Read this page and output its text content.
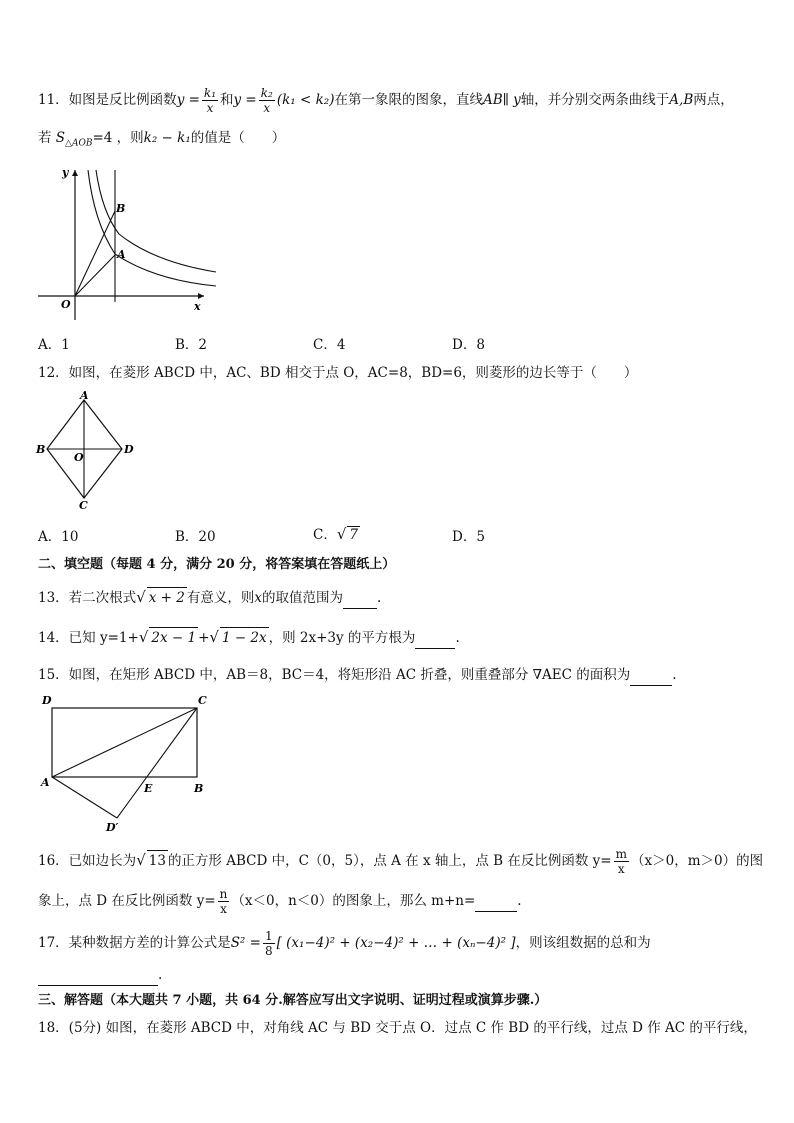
11．如图是反比例函数$y = \frac{\text{k₁}}{x}$ 和$y = \frac{\text{k₂}}{x} (k_1 < k_2)$在第一象限的图象，直线AB∥ y轴，并分别交两条曲线于A,B两点，
若 $S_{\triangle AOB}=4$ ，则k₂ − k₁的值是（　　）
y
x
O
B
A
A．1	B．2	C．4	D．8
12．如图，在菱形 ABCD 中，AC、BD 相交于点 O，AC=8，BD=6，则菱形的边长等于（　　）
A
B	D
O
C
A．10	B．20	C．√ 7	D．5
二、填空题（每题 4 分，满分 20 分，将答案填在答题纸上）
13．若二次根式√ x + 2 有意义，则x的取值范围为	.
14．已知 y=1+√ 2x − 1 +√ 1 − 2x ，则 2x+3y 的平方根为	.
15．如图，在矩形 ABCD 中，AB＝8，BC＝4，将矩形沿 AC 折叠，则重叠部分 ∇AEC 的面积为	.
D	C
A	E	B
D′
16．已如边长为√ 13 的正方形 ABCD 中，C（0，5），点 A 在 x 轴上，点 B 在反比例函数 $y= \frac{m}{x} (x>0$，m＞0）的图
象上，点 D 在反比例函数 $y= \frac{n}{x} (x<0$，n＜0）的图象上，那么 m+n=	.
17．某种数据方差的计算公式是$S^2 = \frac{1}{8}$ [ (x₁−4)² + (x₂−4)² + … + (xₙ−4)² ]，则该组数据的总和为
.
三、解答题（本大题共 7 小题，共 64 分.解答应写出文字说明、证明过程或演算步骤.）
18．(5分) 如图，在菱形 ABCD 中，对角线 AC 与 BD 交于点 O．过点 C 作 BD 的平行线，过点 D 作 AC 的平行线，
